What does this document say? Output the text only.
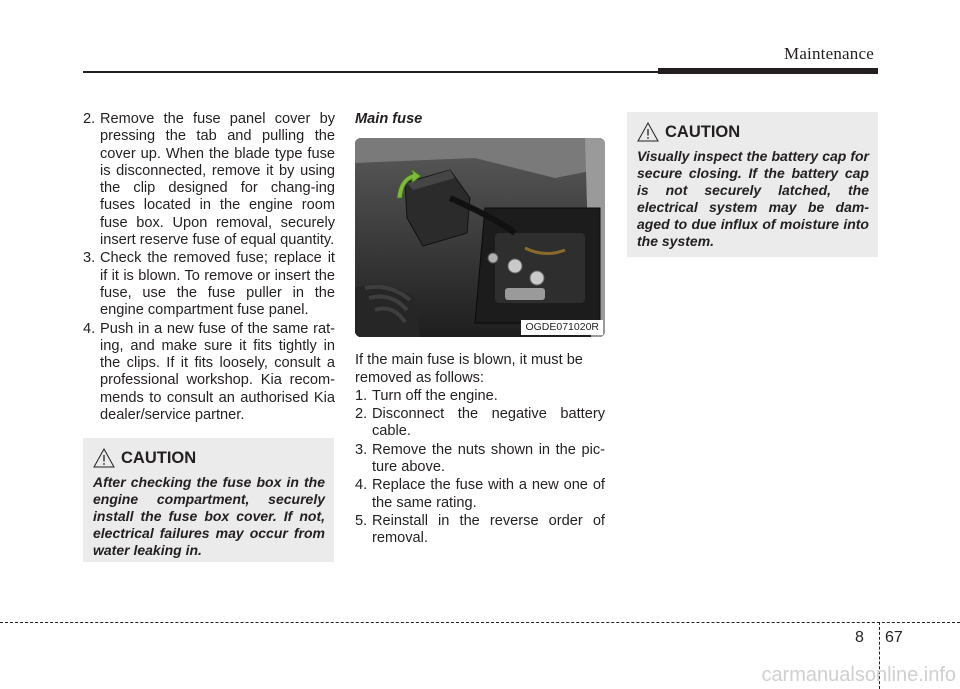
Maintenance
2. Remove the fuse panel cover by pressing the tab and pulling the cover up. When the blade type fuse is disconnected, remove it by using the clip designed for chang-ing fuses located in the engine room fuse box. Upon removal, securely insert reserve fuse of equal quantity.
3. Check the removed fuse; replace it if it is blown. To remove or insert the fuse, use the fuse puller in the engine compartment fuse panel.
4. Push in a new fuse of the same rat-ing, and make sure it fits tightly in the clips. If it fits loosely, consult a professional workshop. Kia recom-mends to consult an authorised Kia dealer/service partner.
CAUTION
After checking the fuse box in the engine compartment, securely install the fuse box cover. If not, electrical failures may occur from water leaking in.
Main fuse
OGDE071020R
If the main fuse is blown, it must be removed as follows:
1. Turn off the engine.
2. Disconnect the negative battery cable.
3. Remove the nuts shown in the pic-ture above.
4. Replace the fuse with a new one of the same rating.
5. Reinstall in the reverse order of removal.
CAUTION
Visually inspect the battery cap for secure closing. If the battery cap is not securely latched, the electrical system may be dam-aged to due influx of moisture into the system.
8 67
carmanualsonline.info
